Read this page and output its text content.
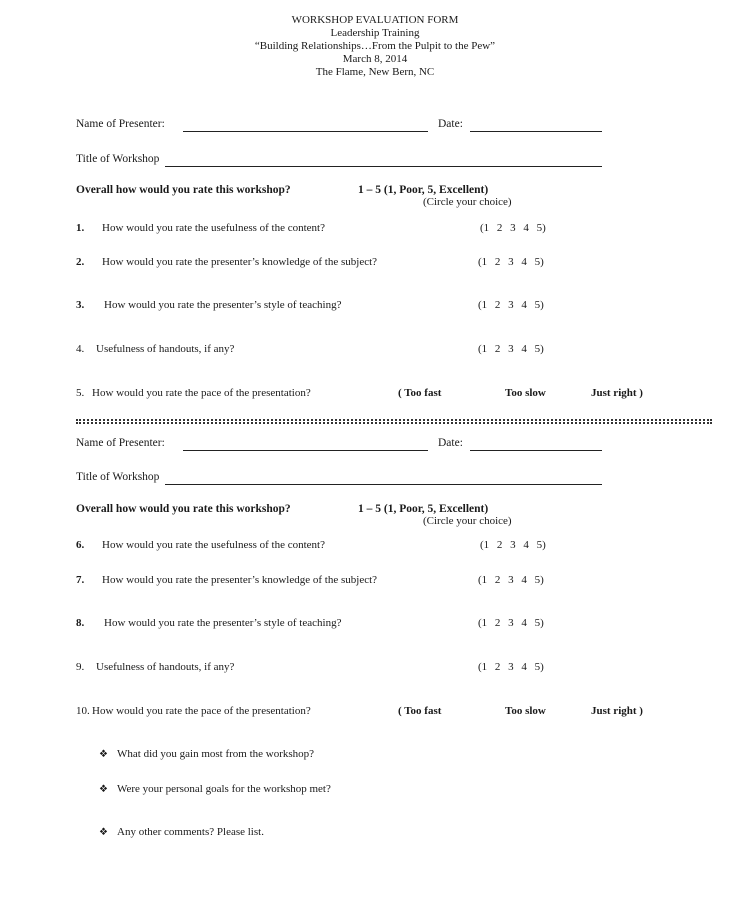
WORKSHOP EVALUATION FORM
Leadership Training
“Building Relationships…From the Pulpit to the Pew”
March 8, 2014
The Flame, New Bern, NC
Name of Presenter:	Date:
Title of Workshop
Overall how would you rate this workshop?	1 – 5 (1, Poor, 5, Excellent)
(Circle your choice)
1. How would you rate the usefulness of the content?	(1 2 3 4 5)
2. How would you rate the presenter’s knowledge of the subject?	(1 2 3 4 5)
3. How would you rate the presenter’s style of teaching?	(1 2 3 4 5)
4. Usefulness of handouts, if any?	(1 2 3 4 5)
5. How would you rate the pace of the presentation?	( Too fast	Too slow	Just right )
Name of Presenter:	Date:
Title of Workshop
Overall how would you rate this workshop?	1 – 5 (1, Poor, 5, Excellent)
(Circle your choice)
6. How would you rate the usefulness of the content?	(1 2 3 4 5)
7. How would you rate the presenter’s knowledge of the subject?	(1 2 3 4 5)
8. How would you rate the presenter’s style of teaching?	(1 2 3 4 5)
9. Usefulness of handouts, if any?	(1 2 3 4 5)
10. How would you rate the pace of the presentation?	( Too fast	Too slow	Just right )
❖ What did you gain most from the workshop?
❖ Were your personal goals for the workshop met?
❖ Any other comments? Please list.
